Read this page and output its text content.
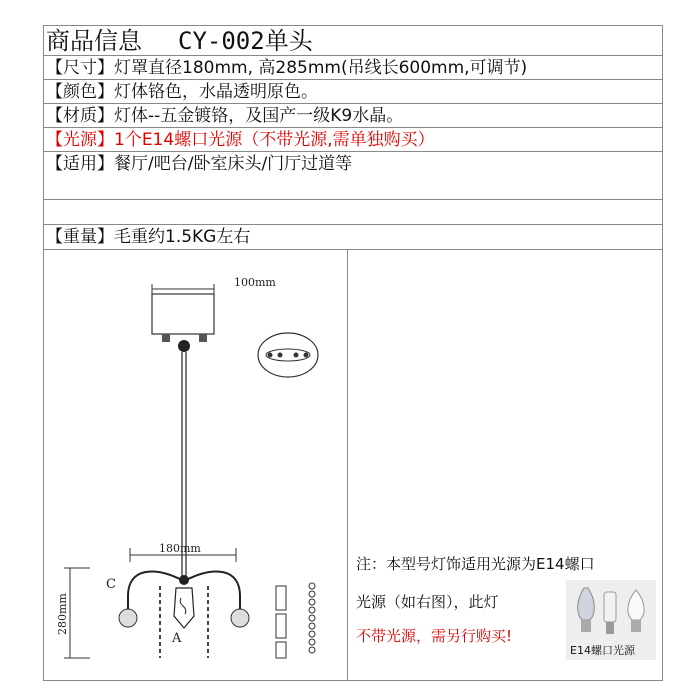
商品信息 CY-002单头
【尺寸】灯罩直径180mm, 高285mm(吊线长600mm,可调节)
【颜色】灯体铬色，水晶透明原色。
【材质】灯体--五金镀铬，及国产一级K9水晶。
【光源】1个E14螺口光源（不带光源,需单独购买）
【适用】餐厅/吧台/卧室床头/门厅过道等
【重量】毛重约1.5KG左右
100mm
180mm
280mm
C
A
注：本型号灯饰适用光源为E14螺口
光源（如右图），此灯
不带光源，需另行购买!
E14螺口光源
